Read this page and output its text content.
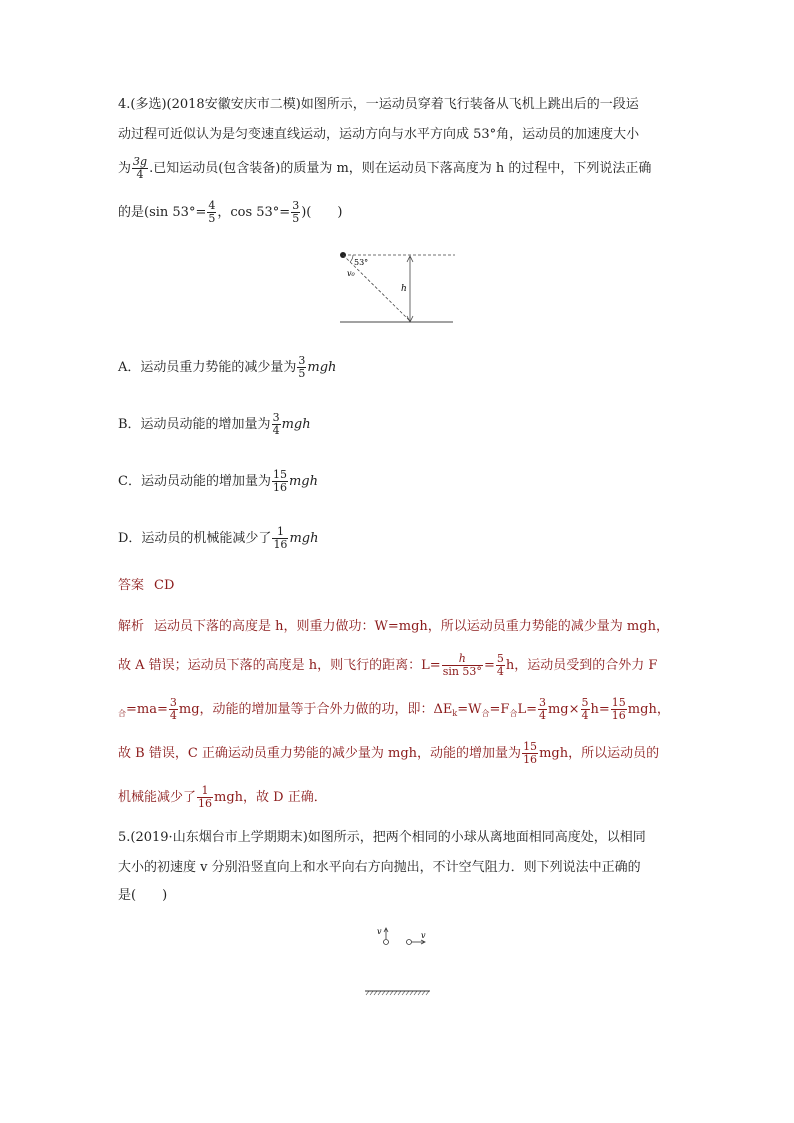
4.(多选)(2018安徽安庆市二模)如图所示，一运动员穿着飞行装备从飞机上跳出后的一段运
动过程可近似认为是匀变速直线运动，运动方向与水平方向成 53°角，运动员的加速度大小
为 $\frac{3g}{4}$ .已知运动员(包含装备)的质量为 m，则在运动员下落高度为 h 的过程中，下列说法正确
的是(sin $53^\circ= \frac{4}{5}$ ，$\cos 53^\circ= \frac{3}{5}$ )(　　)
53°
v₀
h
A．运动员重力势能的减少量为 $\frac{3}{5}$ mgh
B．运动员动能的增加量为 $\frac{3}{4}$ mgh
C．运动员动能的增加量为 $\frac{15}{16}$ mgh
D．运动员的机械能减少了 $\frac{1}{16}$ mgh
答案 CD
解析 运动员下落的高度是 h，则重力做功：W=mgh，所以运动员重力势能的减少量为 mgh，
故 A 错误；运动员下落的高度是 h，则飞行的距离：$L= \frac{h}{\sin 53^\circ} = \frac{5}{4}$ h，运动员受到的合外力 F
$_合=ma= \frac{3}{4}$ mg，动能的增加量等于合外力做的功，即：$\Delta E_k=W_合=F_合L= \frac{3}{4} mg\times \frac{5}{4} h= \frac{15}{16}$ mgh，
故 B 错误，C 正确运动员重力势能的减少量为 mgh，动能的增加量为 $\frac{15}{16}$ mgh，所以运动员的
机械能减少了 $\frac{1}{16}$ mgh，故 D 正确．
5.(2019·山东烟台市上学期期末)如图所示，把两个相同的小球从离地面相同高度处，以相同
大小的初速度 v 分别沿竖直向上和水平向右方向抛出，不计空气阻力．则下列说法中正确的
是(　　)
v	v
